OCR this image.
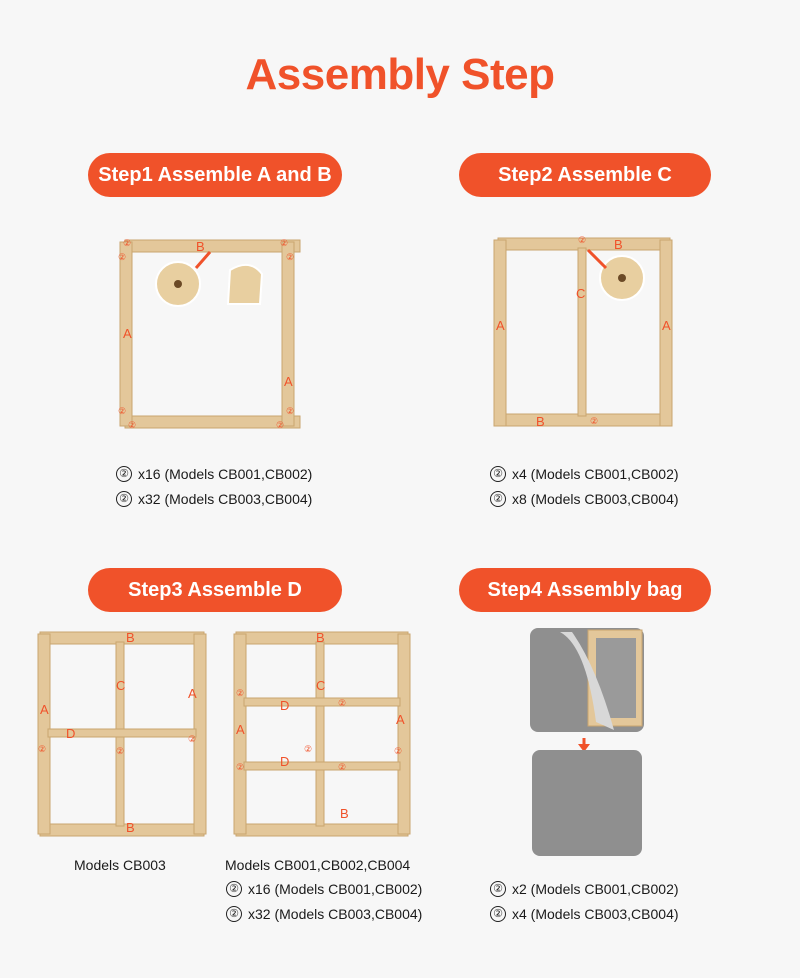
Assembly Step
Step1 Assemble A and B
B
A
A
②	②
②	②
②	②
②	②
② x16 (Models CB001,CB002)
② x32 (Models CB003,CB004)
Step2 Assemble C
B
C
A	A
B
②
②
② x4 (Models CB001,CB002)
② x8 (Models CB003,CB004)
Step3 Assemble D
B
C
A
A
D
B
②
②
②
B
C
A
A
D
D
B
②
②
②
②
②
②
Models CB003	Models CB001,CB002,CB004
② x16 (Models CB001,CB002)
② x32 (Models CB003,CB004)
Step4 Assembly bag
② x2 (Models CB001,CB002)
② x4 (Models CB003,CB004)
